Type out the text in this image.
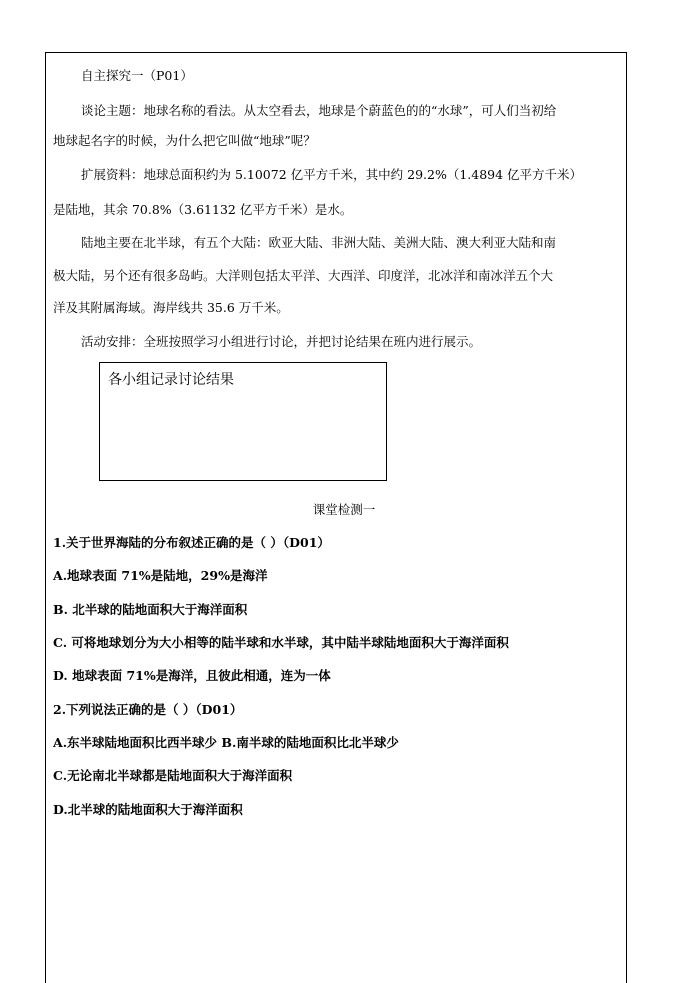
自主探究一（P01）
谈论主题：地球名称的看法。从太空看去，地球是个蔚蓝色的的“水球”，可人们当初给
地球起名字的时候，为什么把它叫做“地球”呢？
扩展资料：地球总面积约为 5.10072 亿平方千米，其中约 29.2%（1.4894 亿平方千米）
是陆地，其余 70.8%（3.61132 亿平方千米）是水。
陆地主要在北半球，有五个大陆：欧亚大陆、非洲大陆、美洲大陆、澳大利亚大陆和南
极大陆，另个还有很多岛屿。大洋则包括太平洋、大西洋、印度洋，北冰洋和南冰洋五个大
洋及其附属海域。海岸线共 35.6 万千米。
活动安排：全班按照学习小组进行讨论，并把讨论结果在班内进行展示。
各小组记录讨论结果
课堂检测一
1.关于世界海陆的分布叙述正确的是（ ）（D01）
A.地球表面 71%是陆地，29%是海洋
B. 北半球的陆地面积大于海洋面积
C. 可将地球划分为大小相等的陆半球和水半球，其中陆半球陆地面积大于海洋面积
D. 地球表面 71%是海洋，且彼此相通，连为一体
2.下列说法正确的是（ ）（D01）
A.东半球陆地面积比西半球少 B.南半球的陆地面积比北半球少
C.无论南北半球都是陆地面积大于海洋面积
D.北半球的陆地面积大于海洋面积
